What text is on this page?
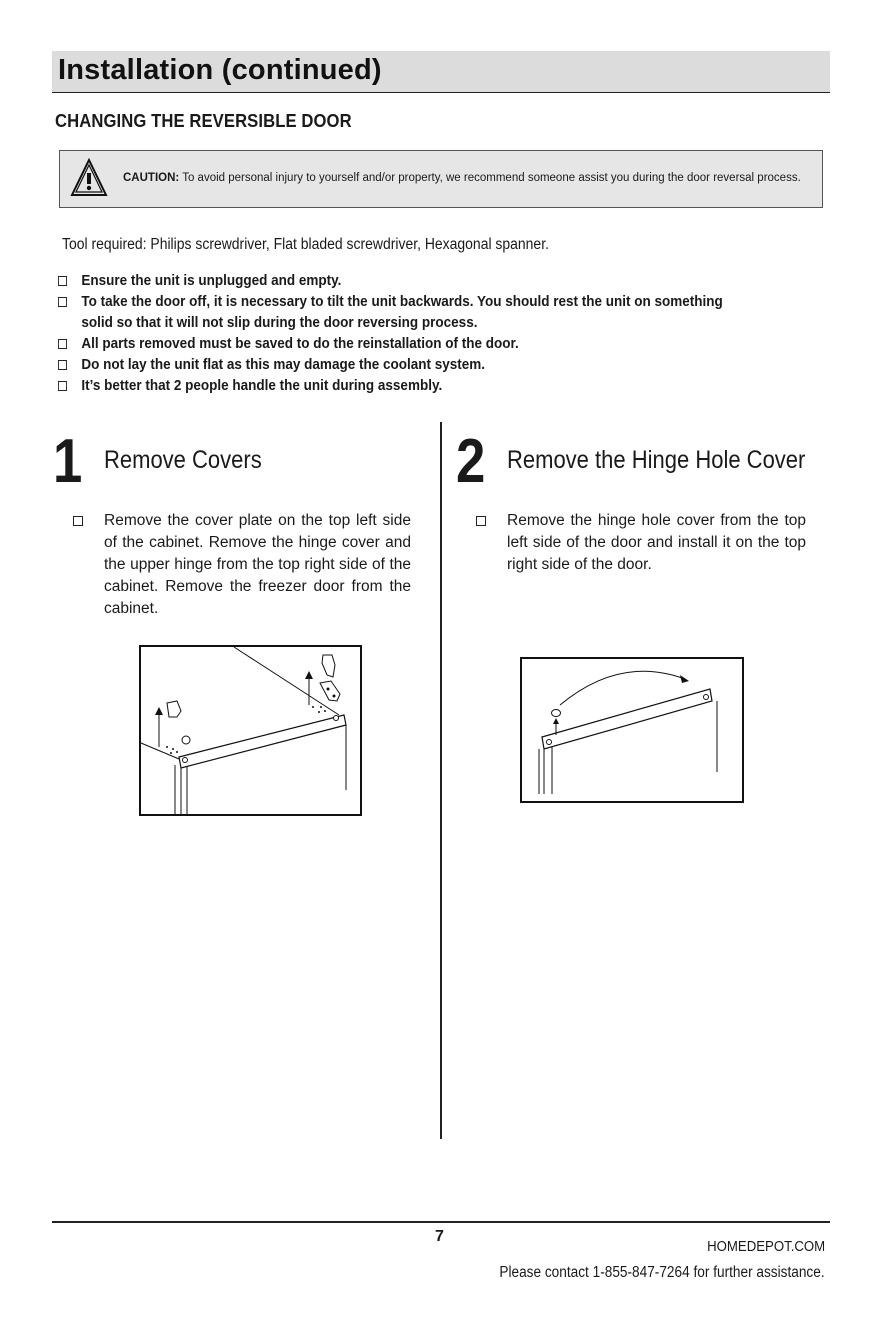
Installation (continued)
CHANGING THE REVERSIBLE DOOR
CAUTION: To avoid personal injury to yourself and/or property, we recommend someone assist you during the door reversal process.
Tool required: Philips screwdriver, Flat bladed screwdriver, Hexagonal spanner.
Ensure the unit is unplugged and empty.
To take the door off, it is necessary to tilt the unit backwards. You should rest the unit on something
solid so that it will not slip during the door reversing process.
All parts removed must be saved to do the reinstallation of the door.
Do not lay the unit flat as this may damage the coolant system.
It’s better that 2 people handle the unit during assembly.
1 Remove Covers
Remove the cover plate on the top left side of the cabinet. Remove the hinge cover and the upper hinge from the top right side of the cabinet. Remove the freezer door from the cabinet.
2 Remove the Hinge Hole Cover
Remove the hinge hole cover from the top left side of the door and install it on the top right side of the door.
7
HOMEDEPOT.COM
Please contact 1-855-847-7264 for further assistance.
